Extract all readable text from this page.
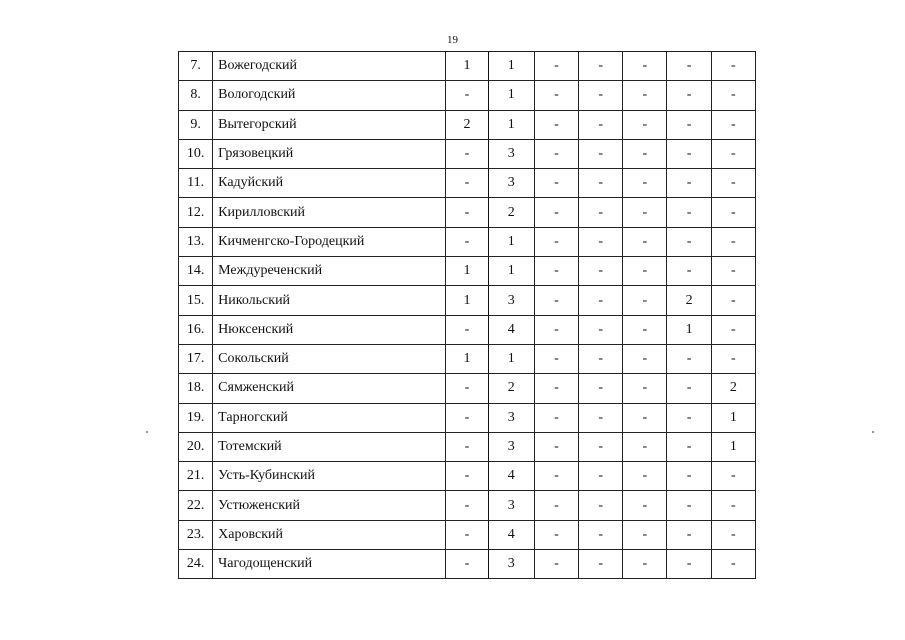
19
7.	Вожегодский	1	1	-	-	-	-	-
8.	Вологодский	-	1	-	-	-	-	-
9.	Вытегорский	2	1	-	-	-	-	-
10.	Грязовецкий	-	3	-	-	-	-	-
11.	Кадуйский	-	3	-	-	-	-	-
12.	Кирилловский	-	2	-	-	-	-	-
13.	Кичменгско-Городецкий	-	1	-	-	-	-	-
14.	Междуреченский	1	1	-	-	-	-	-
15.	Никольский	1	3	-	-	-	2	-
16.	Нюксенский	-	4	-	-	-	1	-
17.	Сокольский	1	1	-	-	-	-	-
18.	Сямженский	-	2	-	-	-	-	2
19.	Тарногский	-	3	-	-	-	-	1
20.	Тотемский	-	3	-	-	-	-	1
21.	Усть-Кубинский	-	4	-	-	-	-	-
22.	Устюженский	-	3	-	-	-	-	-
23.	Харовский	-	4	-	-	-	-	-
24.	Чагодощенский	-	3	-	-	-	-	-
